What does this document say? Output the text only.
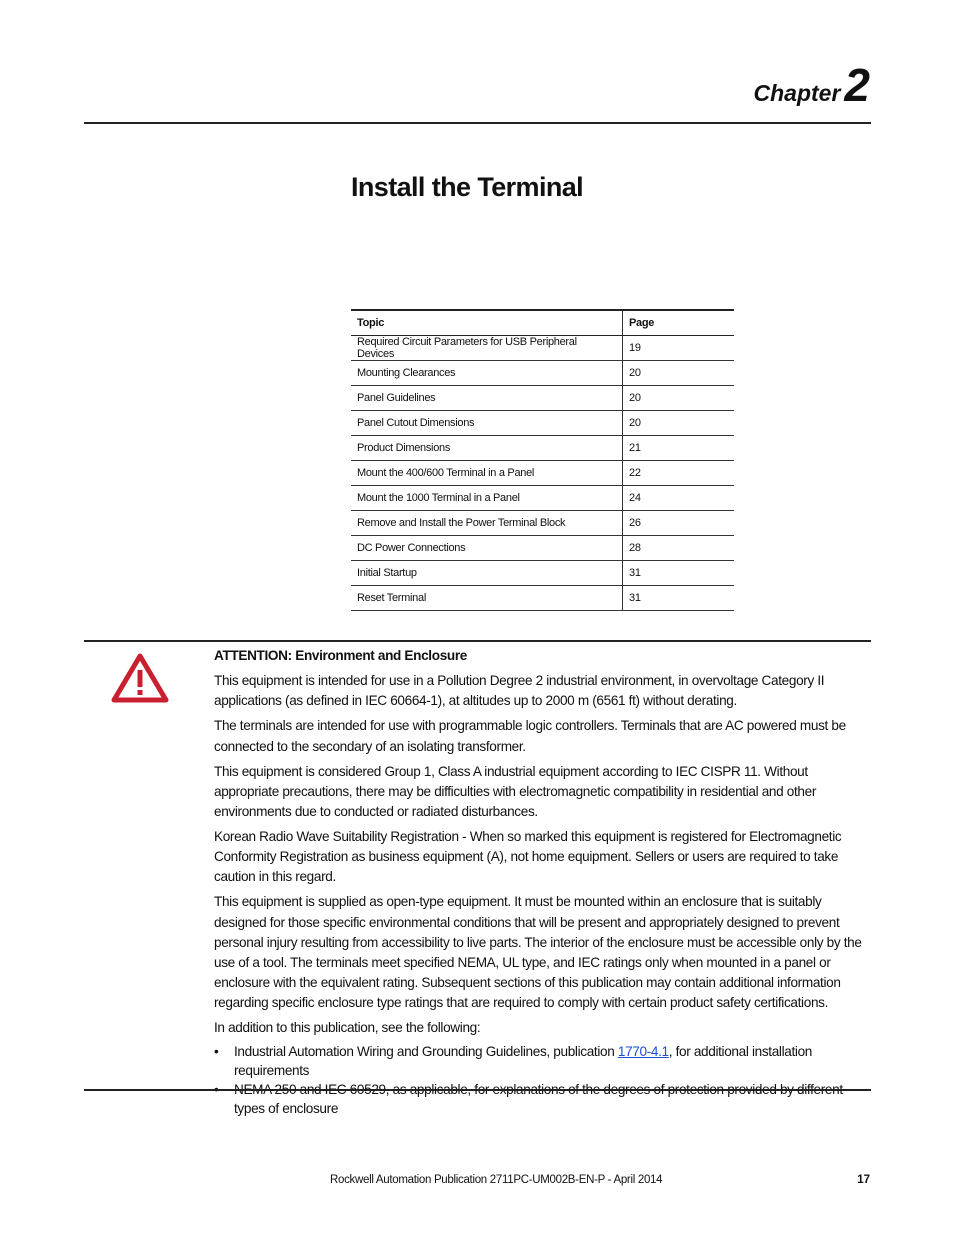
Chapter 2
Install the Terminal
Topic	Page
Required Circuit Parameters for USB Peripheral Devices	19
Mounting Clearances	20
Panel Guidelines	20
Panel Cutout Dimensions	20
Product Dimensions	21
Mount the 400/600 Terminal in a Panel	22
Mount the 1000 Terminal in a Panel	24
Remove and Install the Power Terminal Block	26
DC Power Connections	28
Initial Startup	31
Reset Terminal	31

ATTENTION: Environment and Enclosure

This equipment is intended for use in a Pollution Degree 2 industrial environment, in overvoltage Category II applications (as defined in IEC 60664-1), at altitudes up to 2000 m (6561 ft) without derating.

The terminals are intended for use with programmable logic controllers. Terminals that are AC powered must be connected to the secondary of an isolating transformer.

This equipment is considered Group 1, Class A industrial equipment according to IEC CISPR 11. Without appropriate precautions, there may be difficulties with electromagnetic compatibility in residential and other environments due to conducted or radiated disturbances.

Korean Radio Wave Suitability Registration - When so marked this equipment is registered for Electromagnetic Conformity Registration as business equipment (A), not home equipment. Sellers or users are required to take caution in this regard.

This equipment is supplied as open-type equipment. It must be mounted within an enclosure that is suitably designed for those specific environmental conditions that will be present and appropriately designed to prevent personal injury resulting from accessibility to live parts. The interior of the enclosure must be accessible only by the use of a tool. The terminals meet specified NEMA, UL type, and IEC ratings only when mounted in a panel or enclosure with the equivalent rating. Subsequent sections of this publication may contain additional information regarding specific enclosure type ratings that are required to comply with certain product safety certifications.

In addition to this publication, see the following:

• Industrial Automation Wiring and Grounding Guidelines, publication 1770-4.1, for additional installation requirements
• NEMA 250 and IEC 60529, as applicable, for explanations of the degrees of protection provided by different
types of enclosure
Rockwell Automation Publication 2711PC-UM002B-EN-P - April 2014	17
